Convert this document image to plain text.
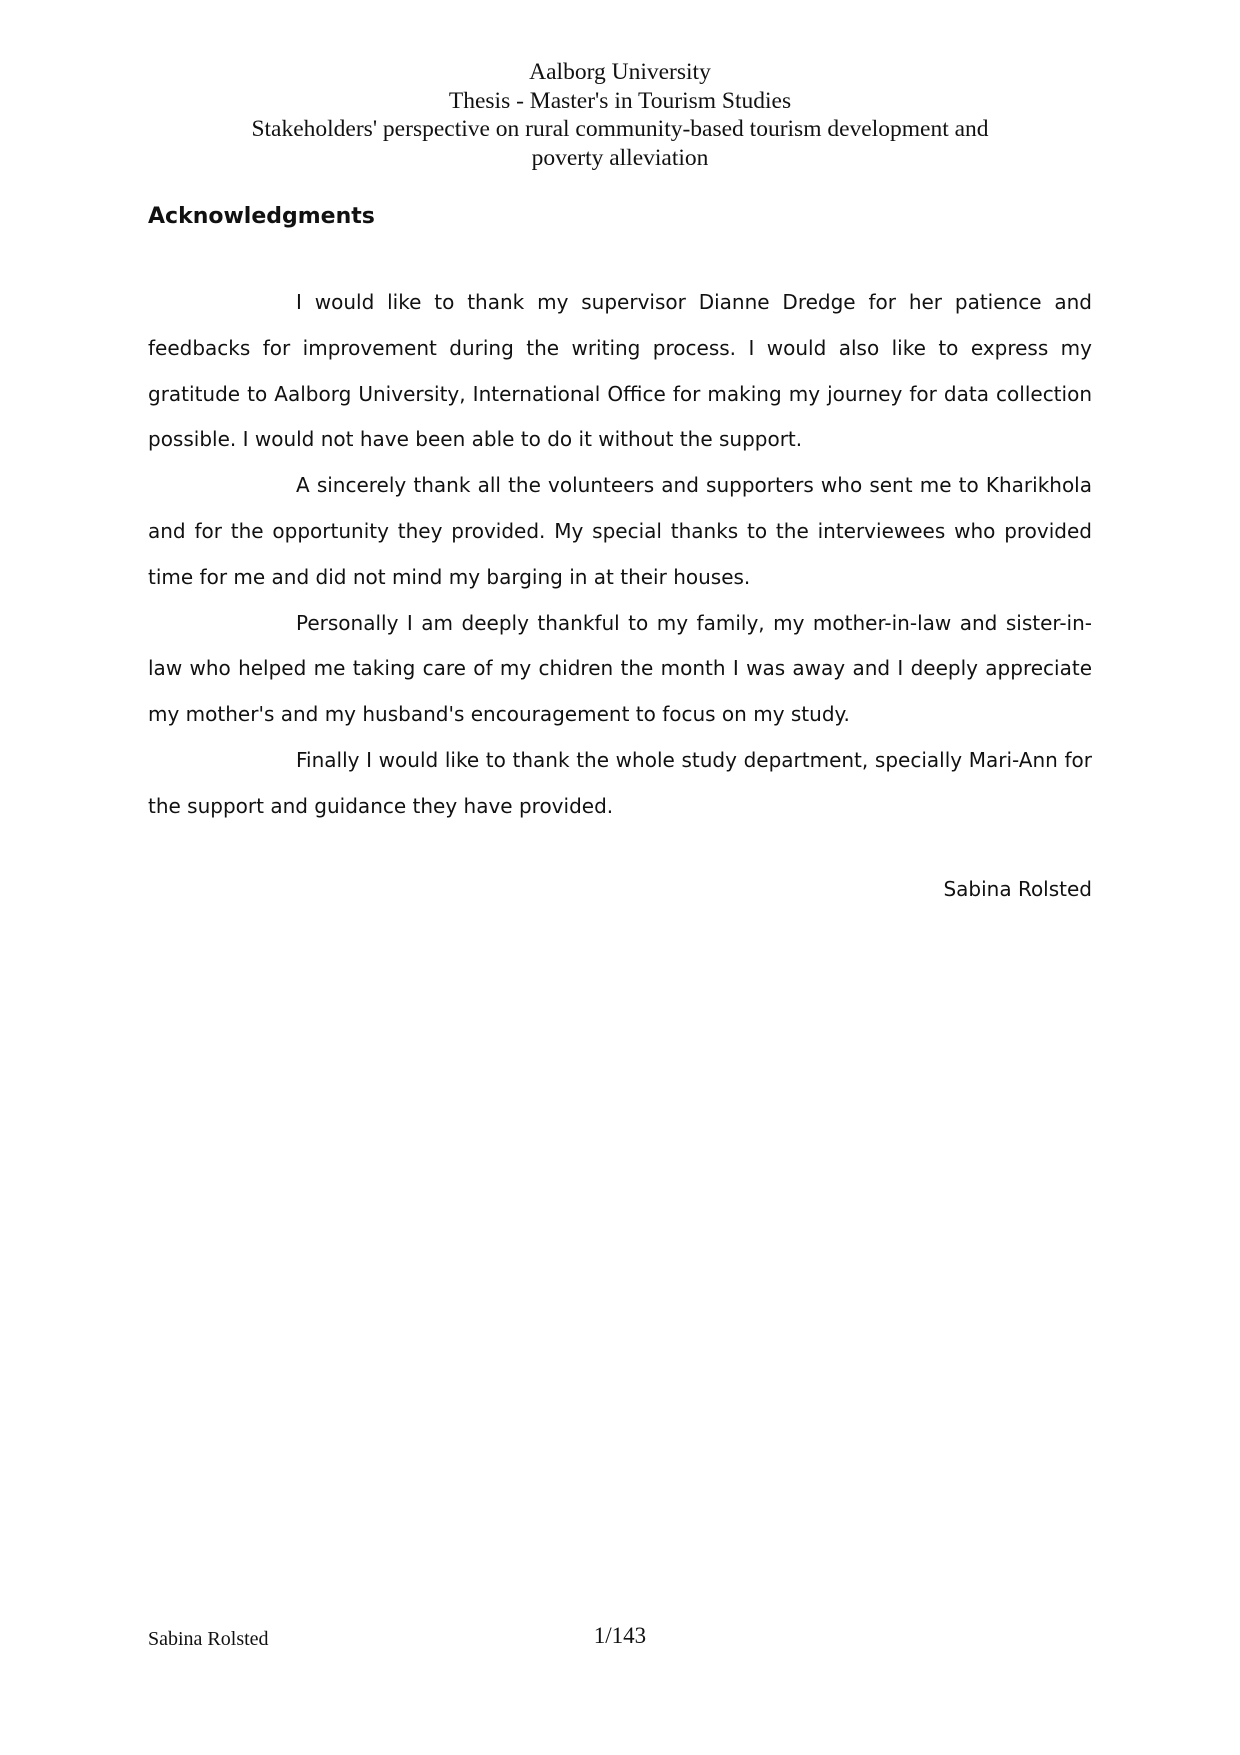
Aalborg University
Thesis - Master's in Tourism Studies
Stakeholders' perspective on rural community-based tourism development and
poverty alleviation
Acknowledgments

I would like to thank my supervisor Dianne Dredge for her patience and feedbacks for improvement during the writing process. I would also like to express my gratitude to Aalborg University, International Office for making my journey for data collection possible. I would not have been able to do it without the support.

A sincerely thank all the volunteers and supporters who sent me to Kharikhola and for the opportunity they provided. My special thanks to the interviewees who provided time for me and did not mind my barging in at their houses.

Personally I am deeply thankful to my family, my mother-in-law and sister-in-law who helped me taking care of my chidren the month I was away and I deeply appreciate my mother's and my husband's encouragement to focus on my study.

Finally I would like to thank the whole study department, specially Mari-Ann for the support and guidance they have provided.

Sabina Rolsted
Sabina Rolsted	1/143
